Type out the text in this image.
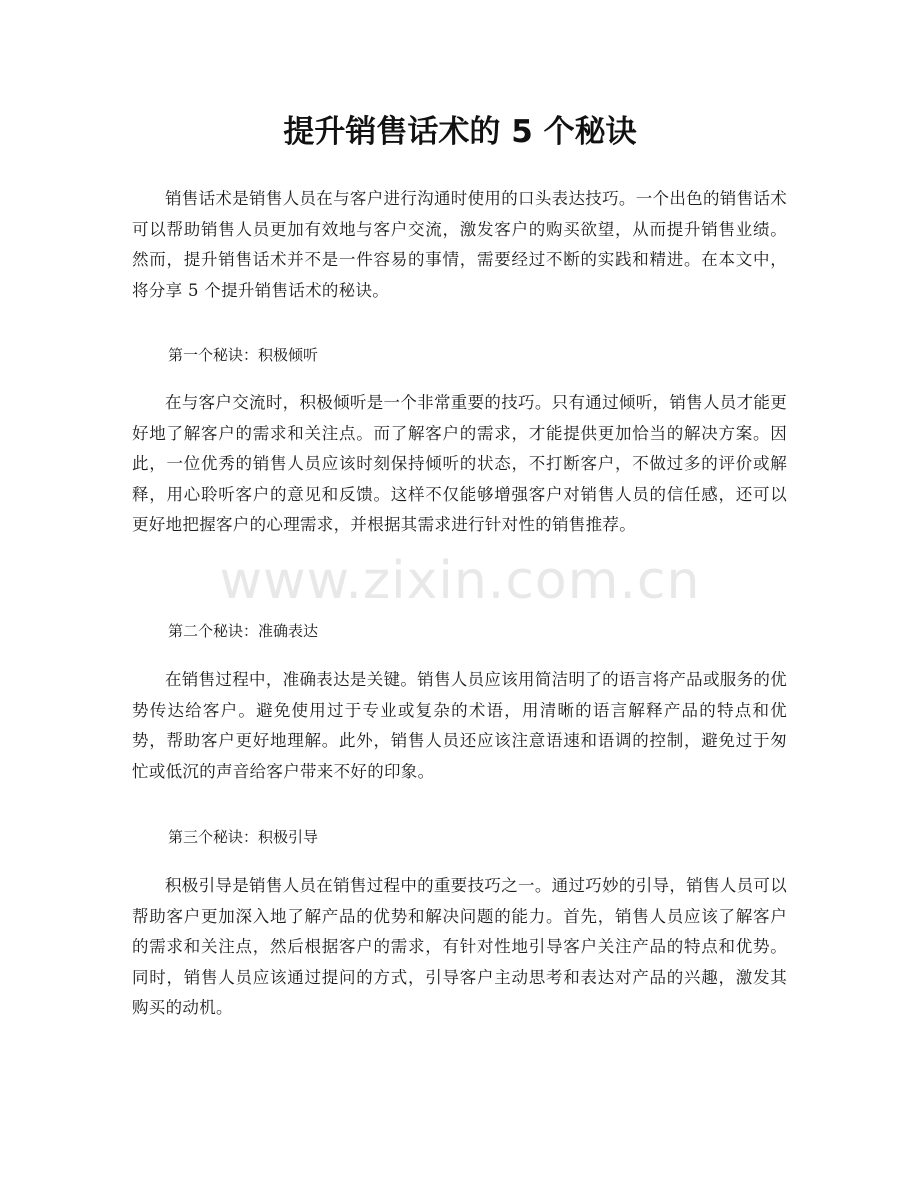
提升销售话术的 5 个秘诀

销售话术是销售人员在与客户进行沟通时使用的口头表达技巧。一个出色的销售话术可以帮助销售人员更加有效地与客户交流，激发客户的购买欲望，从而提升销售业绩。然而，提升销售话术并不是一件容易的事情，需要经过不断的实践和精进。在本文中，将分享 5 个提升销售话术的秘诀。

第一个秘诀：积极倾听

在与客户交流时，积极倾听是一个非常重要的技巧。只有通过倾听，销售人员才能更好地了解客户的需求和关注点。而了解客户的需求，才能提供更加恰当的解决方案。因此，一位优秀的销售人员应该时刻保持倾听的状态，不打断客户，不做过多的评价或解释，用心聆听客户的意见和反馈。这样不仅能够增强客户对销售人员的信任感，还可以更好地把握客户的心理需求，并根据其需求进行针对性的销售推荐。

第二个秘诀：准确表达

在销售过程中，准确表达是关键。销售人员应该用简洁明了的语言将产品或服务的优势传达给客户。避免使用过于专业或复杂的术语，用清晰的语言解释产品的特点和优势，帮助客户更好地理解。此外，销售人员还应该注意语速和语调的控制，避免过于匆忙或低沉的声音给客户带来不好的印象。

第三个秘诀：积极引导

积极引导是销售人员在销售过程中的重要技巧之一。通过巧妙的引导，销售人员可以帮助客户更加深入地了解产品的优势和解决问题的能力。首先，销售人员应该了解客户的需求和关注点，然后根据客户的需求，有针对性地引导客户关注产品的特点和优势。同时，销售人员应该通过提问的方式，引导客户主动思考和表达对产品的兴趣，激发其购买的动机。

www.zixin.com.cn
